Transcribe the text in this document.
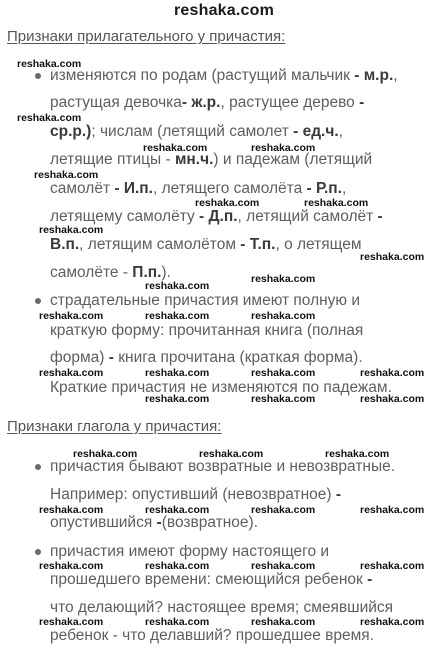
reshaka.com
Признаки прилагательного у причастия:
reshaka.com
reshaka.com
reshaka.com	reshaka.com
reshaka.com
reshaka.com	reshaka.com
reshaka.com
reshaka.com
reshaka.com
reshaka.com
reshaka.com	reshaka.com	reshaka.com
reshaka.com	reshaka.com	reshaka.com	reshaka.com
reshaka.com	reshaka.com	reshaka.com
изменяются по родам (растущий мальчик - м.р.,
растущая девочка- ж.р., растущее дерево -
ср.р.); числам (летящий самолет - ед.ч.,
летящие птицы - мн.ч.) и падежам (летящий
самолёт - И.п., летящего самолёта - Р.п.,
летящему самолёту - Д.п., летящий самолёт -
В.п., летящим самолётом - Т.п., о летящем
самолёте - П.п.).
страдательные причастия имеют полную и
краткую форму: прочитанная книга (полная
форма) - книга прочитана (краткая форма).
Краткие причастия не изменяются по падежам.
Признаки глагола у причастия:
reshaka.com	reshaka.com	reshaka.com
reshaka.com	reshaka.com	reshaka.com	reshaka.com
reshaka.com	reshaka.com	reshaka.com	reshaka.com
reshaka.com	reshaka.com	reshaka.com	reshaka.com
причастия бывают возвратные и невозвратные.
Например: опустивший (невозвратное) -
опустившийся -(возвратное).
причастия имеют форму настоящего и
прошедшего времени: смеющийся ребенок -
что делающий? настоящее время; смеявшийся
ребенок - что делавший? прошедшее время.
